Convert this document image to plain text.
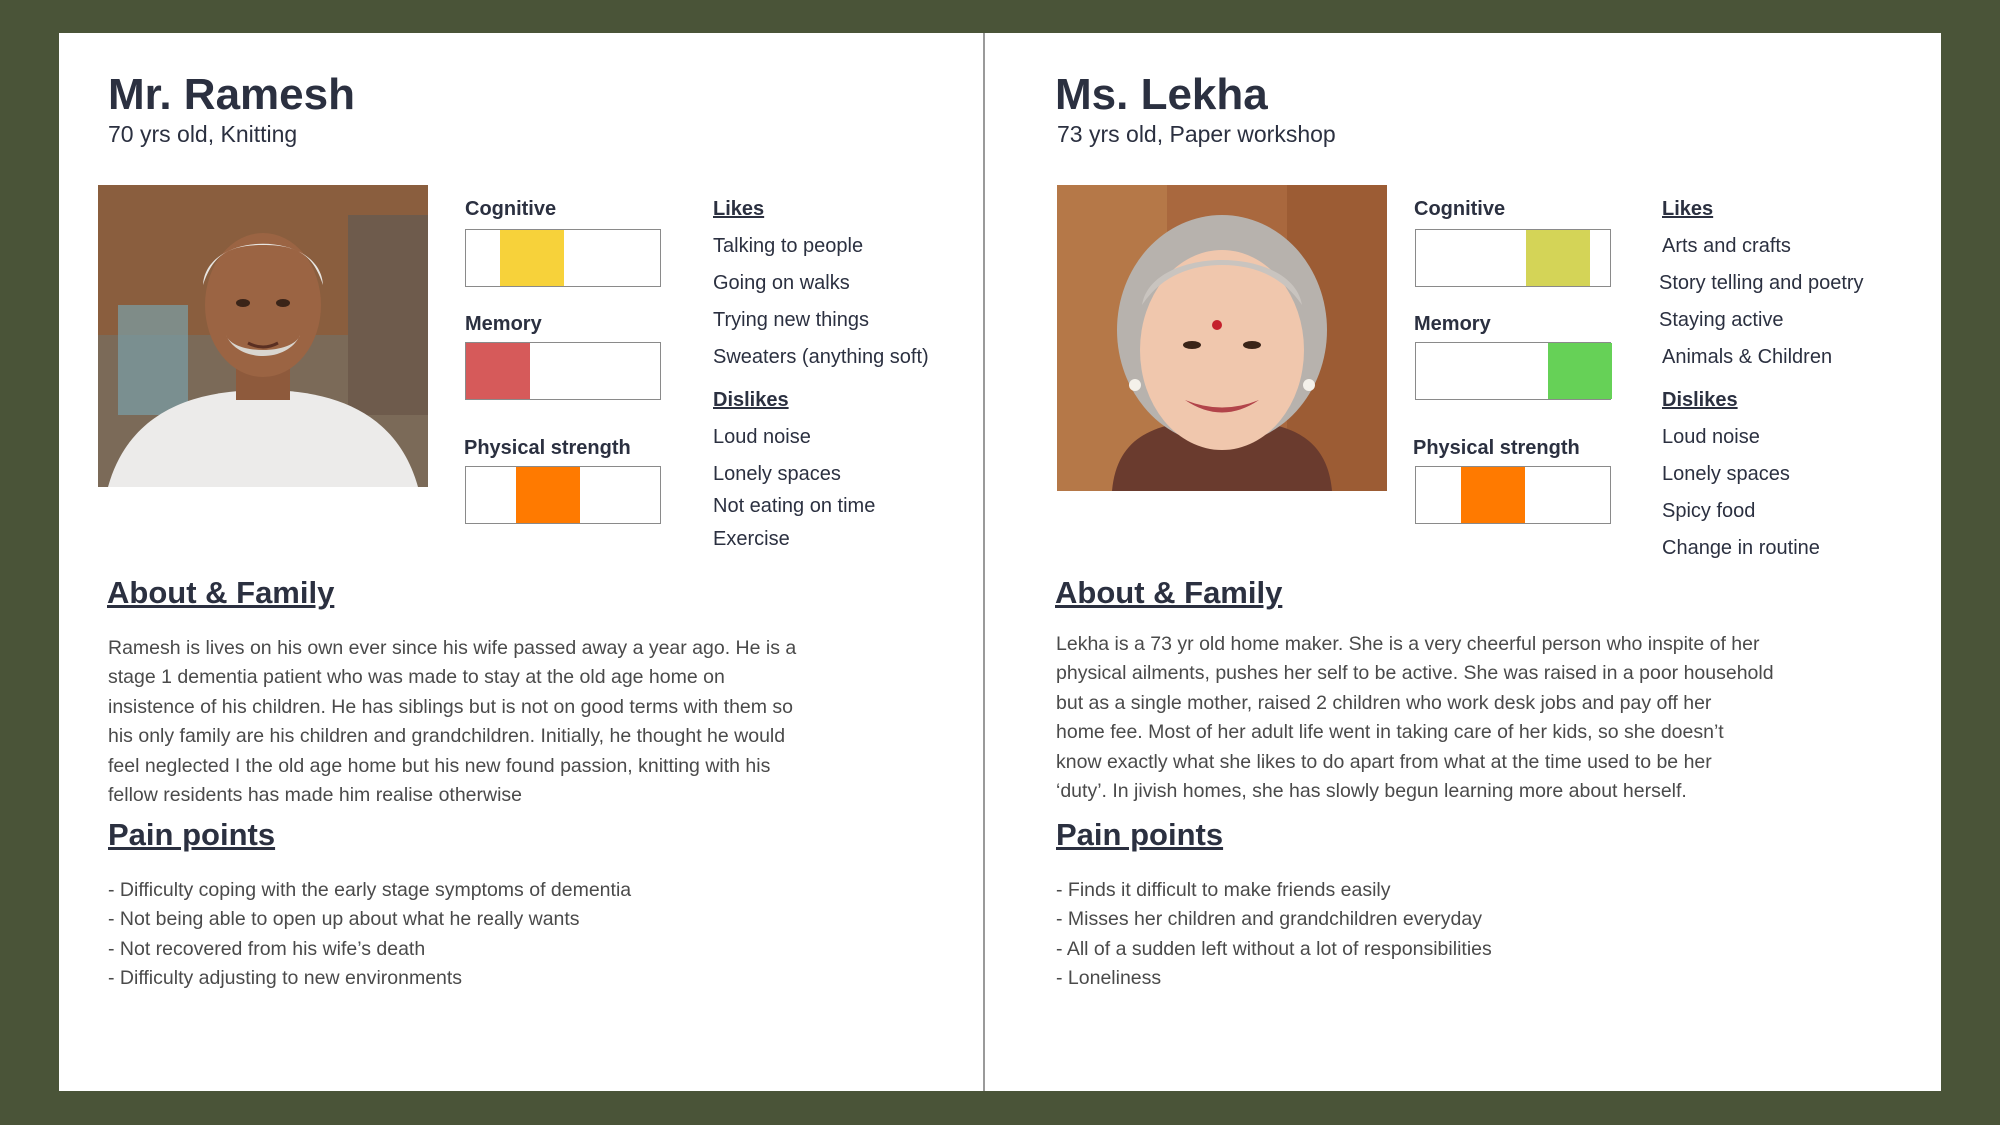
Mr. Ramesh
70 yrs old, Knitting
Cognitive
Memory
Physical strength
Likes
Talking to people
Going on walks
Trying new things
Sweaters (anything soft)
Dislikes
Loud noise
Lonely spaces
Not eating on time
Exercise
About & Family
Ramesh is lives on his own ever since his wife passed away a year ago. He is a
stage 1 dementia patient who was made to stay at the old age home on
insistence of his children. He has siblings but is not on good terms with them so
his only family are his children and grandchildren. Initially, he thought he would
feel neglected I the old age home but his new found passion, knitting with his
fellow residents has made him realise otherwise
Pain points
- Difficulty coping with the early stage symptoms of dementia
- Not being able to open up about what he really wants
- Not recovered from his wife’s death
- Difficulty adjusting to new environments
Ms. Lekha
73 yrs old, Paper workshop
Cognitive
Memory
Physical strength
Likes
Arts and crafts
Story telling and poetry
Staying active
Animals & Children
Dislikes
Loud noise
Lonely spaces
Spicy food
Change in routine
About & Family
Lekha is a 73 yr old home maker. She is a very cheerful person who inspite of her
physical ailments, pushes her self to be active. She was raised in a poor household
but as a single mother, raised 2 children who work desk jobs and pay off her
home fee. Most of her adult life went in taking care of her kids, so she doesn’t
know exactly what she likes to do apart from what at the time used to be her
‘duty’. In jivish homes, she has slowly begun learning more about herself.
Pain points
- Finds it difficult to make friends easily
- Misses her children and grandchildren everyday
- All of a sudden left without a lot of responsibilities
- Loneliness
